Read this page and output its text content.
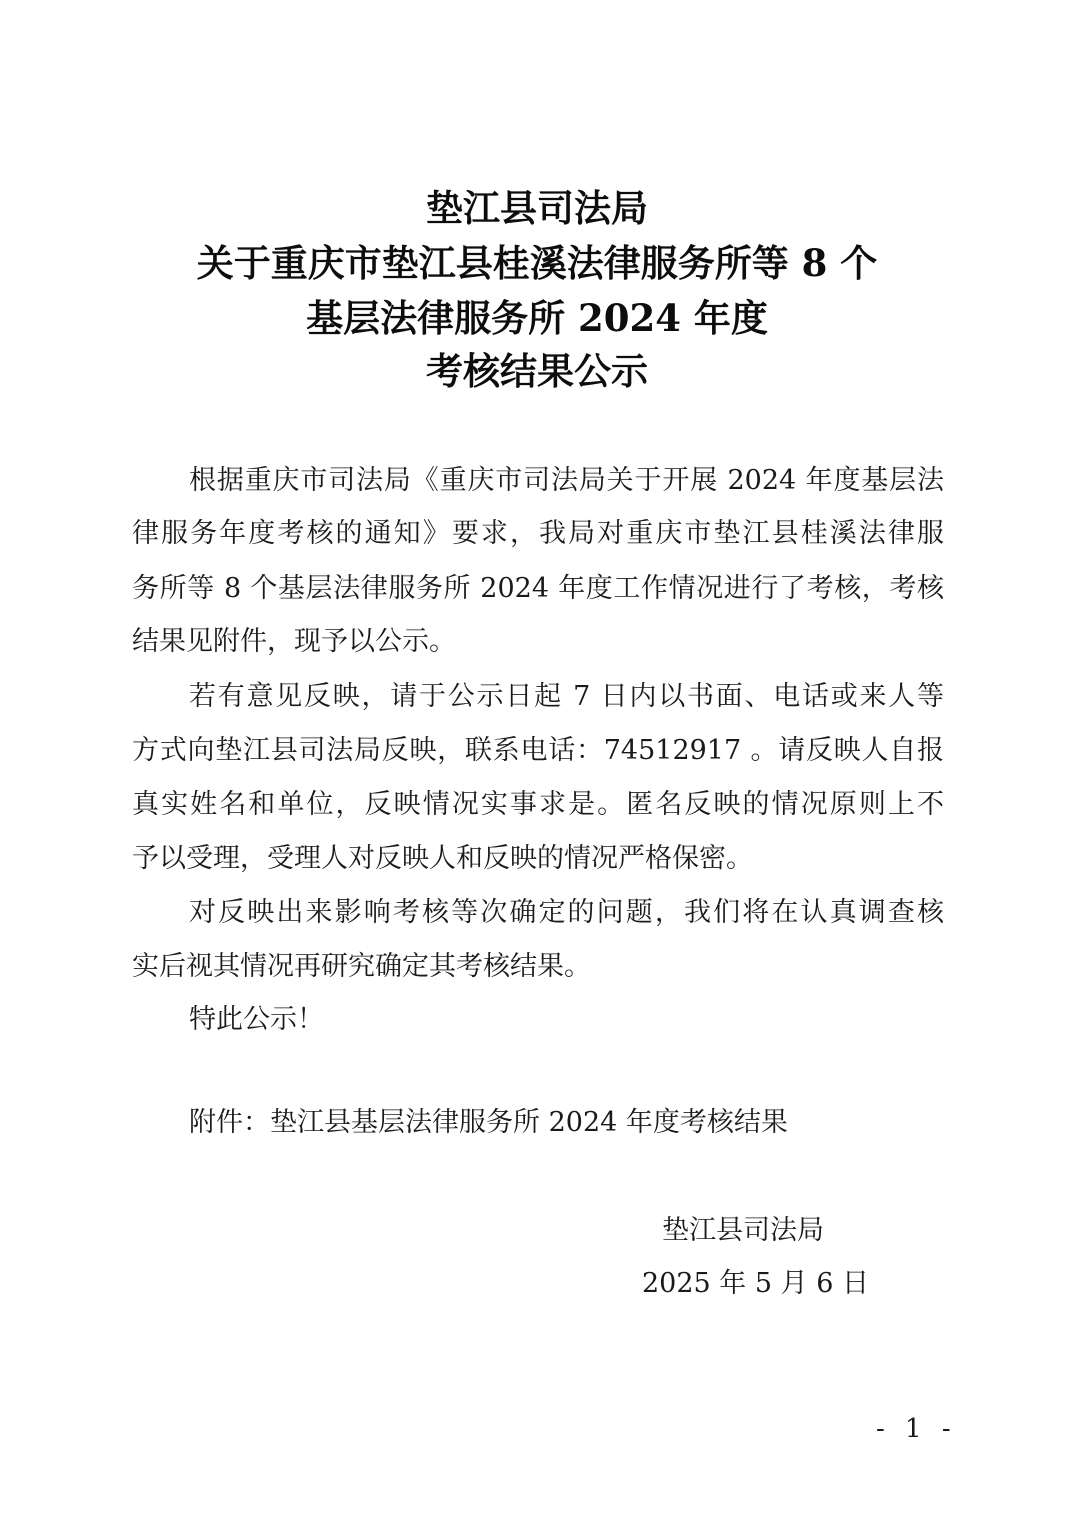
垫江县司法局
关于重庆市垫江县桂溪法律服务所等 8 个
基层法律服务所 2024 年度
考核结果公示
根据重庆市司法局《重庆市司法局关于开展 2024 年度基层法
律服务年度考核的通知》要求，我局对重庆市垫江县桂溪法律服
务所等 8 个基层法律服务所 2024 年度工作情况进行了考核，考核
结果见附件，现予以公示。
若有意见反映，请于公示日起 7 日内以书面、电话或来人等
方式向垫江县司法局反映，联系电话：74512917 。请反映人自报
真实姓名和单位，反映情况实事求是。匿名反映的情况原则上不
予以受理，受理人对反映人和反映的情况严格保密。
对反映出来影响考核等次确定的问题，我们将在认真调查核
实后视其情况再研究确定其考核结果。
特此公示！
附件：垫江县基层法律服务所 2024 年度考核结果
垫江县司法局
2025 年 5 月 6 日
- 1 -
